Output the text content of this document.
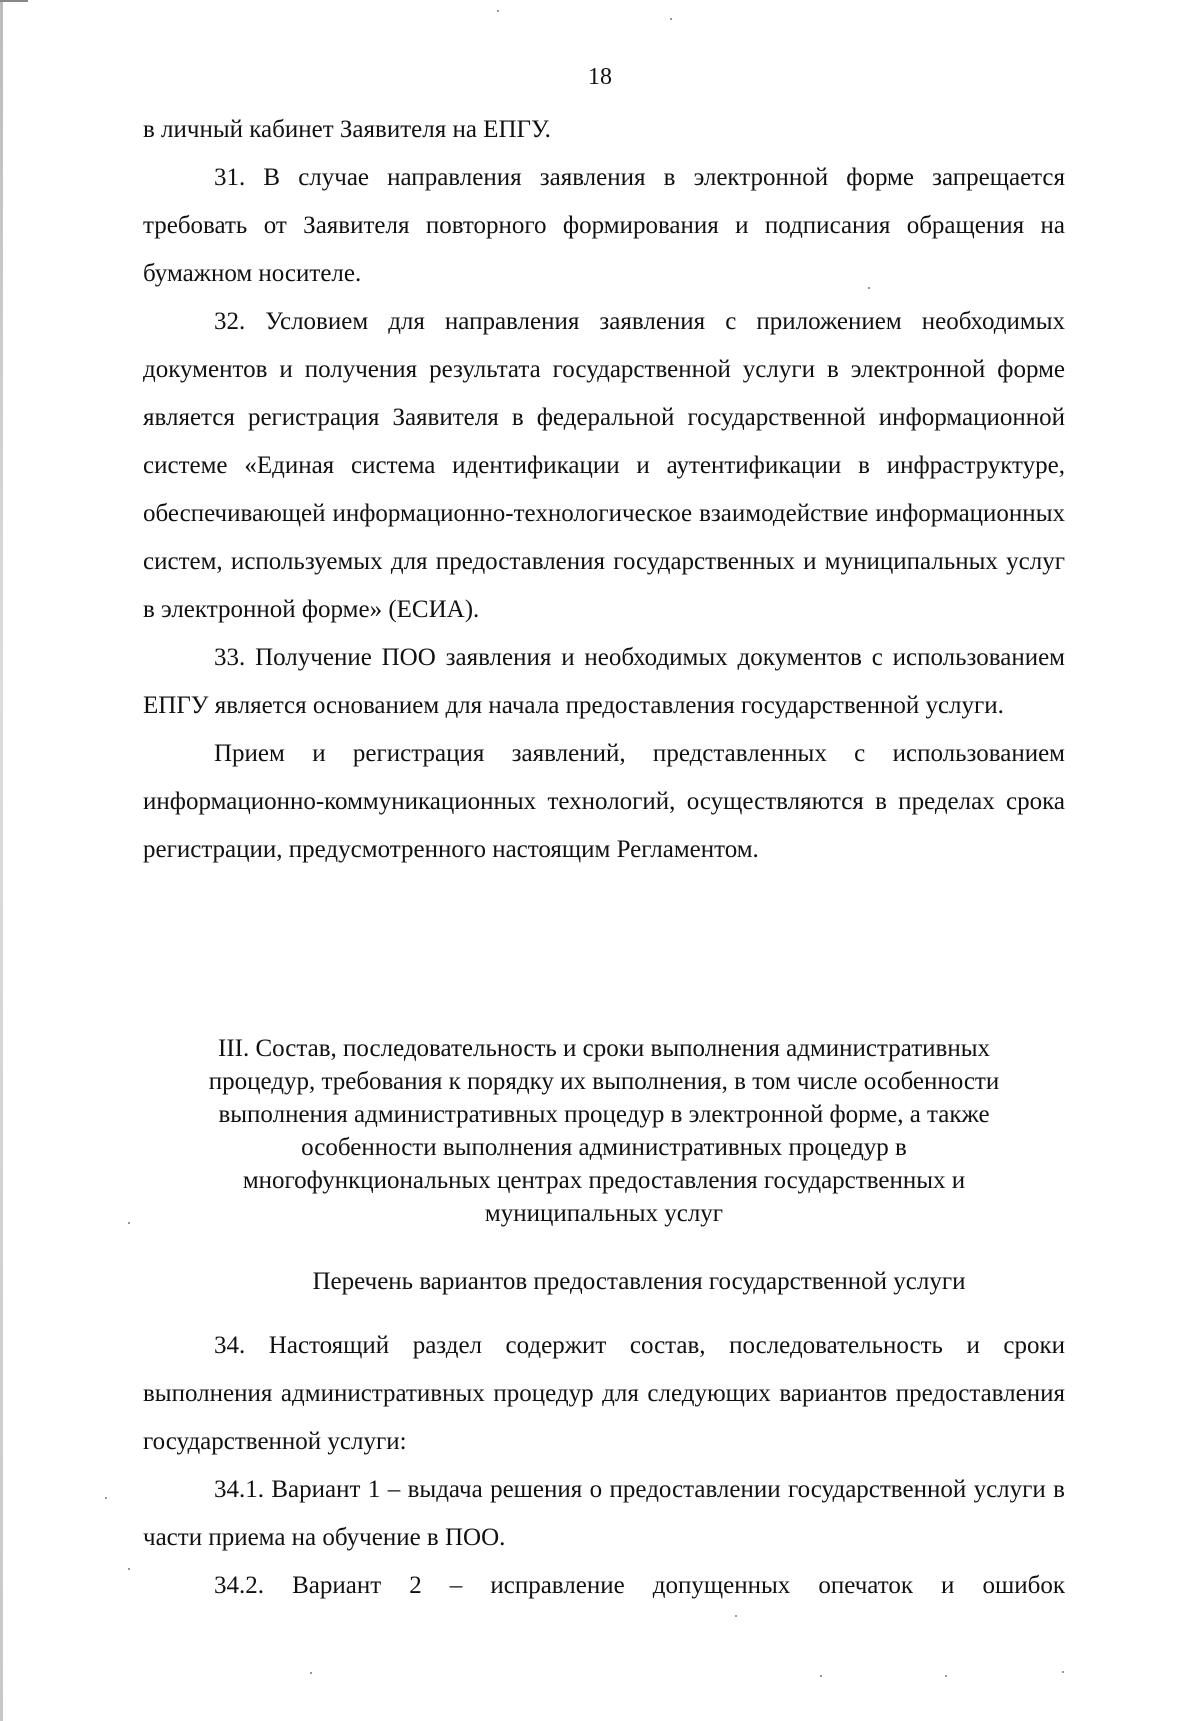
18

в личный кабинет Заявителя на ЕПГУ.

31. В случае направления заявления в электронной форме запрещается требовать от Заявителя повторного формирования и подписания обращения на бумажном носителе.

32. Условием для направления заявления с приложением необходимых документов и получения результата государственной услуги в электронной форме является регистрация Заявителя в федеральной государственной информационной системе «Единая система идентификации и аутентификации в инфраструктуре, обеспечивающей информационно-технологическое взаимодействие информационных систем, используемых для предоставления государственных и муниципальных услуг в электронной форме» (ЕСИА).

33. Получение ПОО заявления и необходимых документов с использованием ЕПГУ является основанием для начала предоставления государственной услуги.

Прием и регистрация заявлений, представленных с использованием информационно-коммуникационных технологий, осуществляются в пределах срока регистрации, предусмотренного настоящим Регламентом.

III. Состав, последовательность и сроки выполнения административных
процедур, требования к порядку их выполнения, в том числе особенности
выполнения административных процедур в электронной форме, а также
особенности выполнения административных процедур в
многофункциональных центрах предоставления государственных и
муниципальных услуг
Перечень вариантов предоставления государственной услуги

34. Настоящий раздел содержит состав, последовательность и сроки выполнения административных процедур для следующих вариантов предоставления государственной услуги:

34.1. Вариант 1 – выдача решения о предоставлении государственной услуги в части приема на обучение в ПОО.

34.2. Вариант 2 – исправление допущенных опечаток и ошибок
